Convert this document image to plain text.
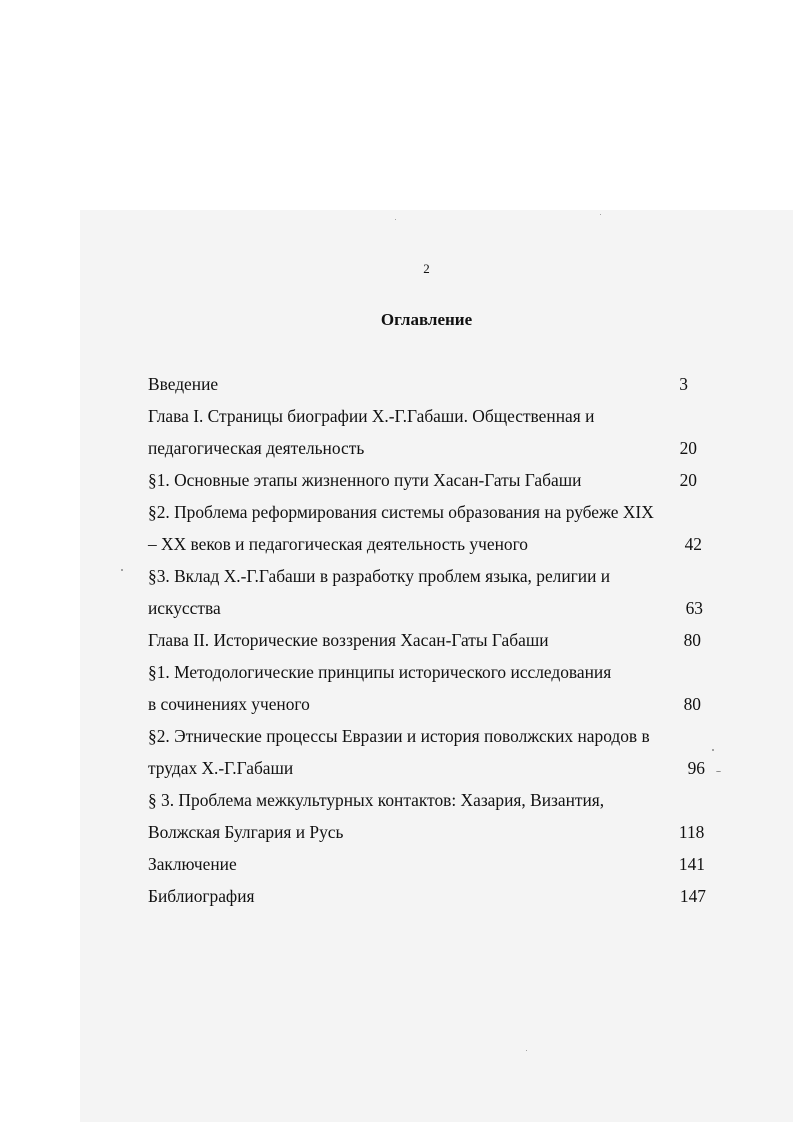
2
Оглавление
Введение	3
Глава I. Страницы биографии Х.-Г.Габаши. Общественная и
педагогическая деятельность	20
§1. Основные этапы жизненного пути Хасан-Гаты Габаши	20
§2. Проблема реформирования системы образования на рубеже XIX
– XX веков и педагогическая деятельность ученого	42
§3. Вклад Х.-Г.Габаши в разработку проблем языка, религии и
искусства	63
Глава II. Исторические воззрения Хасан-Гаты Габаши	80
§1. Методологические принципы исторического исследования
в сочинениях ученого	80
§2. Этнические процессы Евразии и история поволжских народов в
трудах Х.-Г.Габаши	96
§ 3. Проблема межкультурных контактов: Хазария, Византия,
Волжская Булгария и Русь	118
Заключение	141
Библиография	147
